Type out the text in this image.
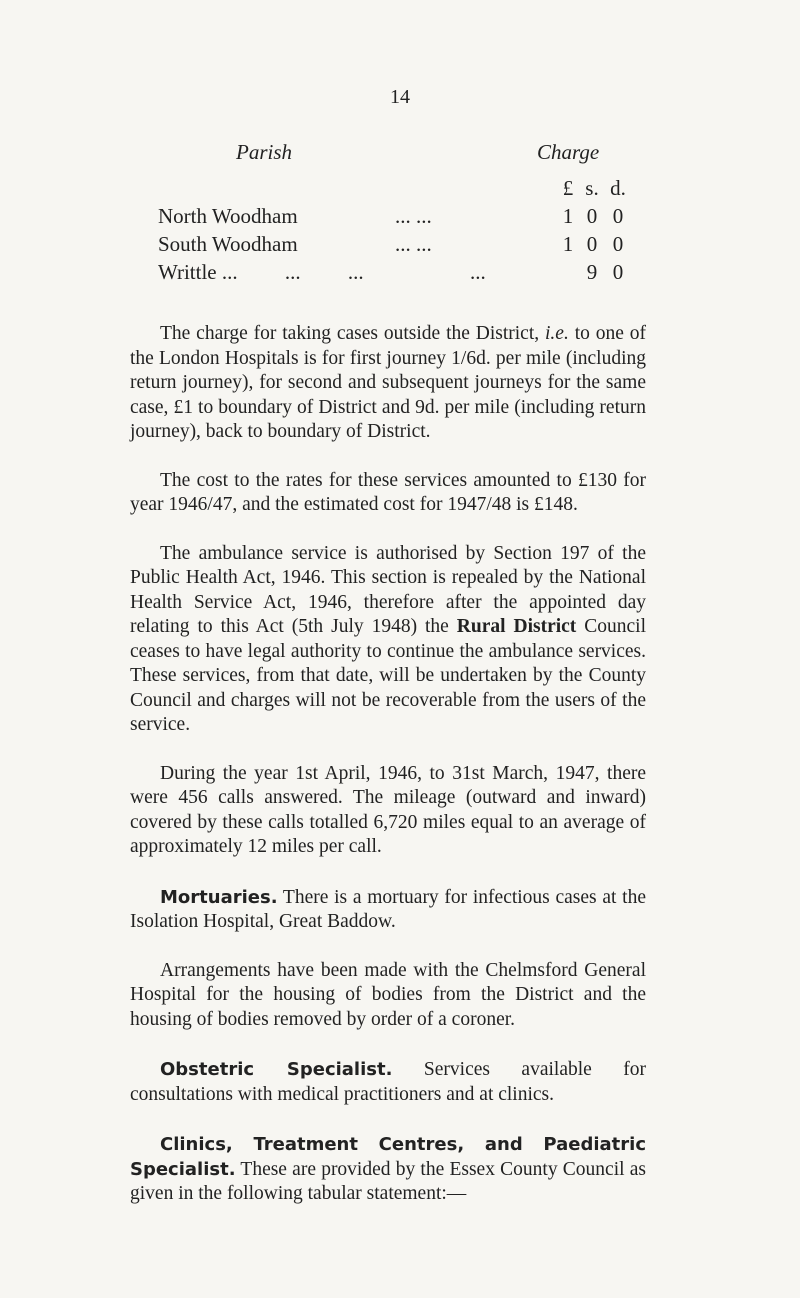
14
Parish	Charge
£ s. d.
North Woodham	... ...	1 0 0
South Woodham	... ...	1 0 0
Writtle ...         ...         ...	...	9 0

The charge for taking cases outside the District, i.e. to one of the London Hospitals is for first journey 1/6d. per mile (including return journey), for second and subsequent journeys for the same case, £1 to boundary of District and 9d. per mile (including return journey), back to boundary of District.

The cost to the rates for these services amounted to £130 for year 1946/47, and the estimated cost for 1947/48 is £148.

The ambulance service is authorised by Section 197 of the Public Health Act, 1946. This section is repealed by the National Health Service Act, 1946, therefore after the appointed day relating to this Act (5th July 1948) the Rural District Council ceases to have legal authority to continue the ambulance services. These services, from that date, will be undertaken by the County Council and charges will not be recoverable from the users of the service.

During the year 1st April, 1946, to 31st March, 1947, there were 456 calls answered. The mileage (outward and inward) covered by these calls totalled 6,720 miles equal to an average of approximately 12 miles per call.

Mortuaries. There is a mortuary for infectious cases at the Isolation Hospital, Great Baddow.

Arrangements have been made with the Chelmsford General Hospital for the housing of bodies from the District and the housing of bodies removed by order of a coroner.

Obstetric Specialist. Services available for consultations with medical practitioners and at clinics.

Clinics, Treatment Centres, and Paediatric Specialist. These are provided by the Essex County Council as given in the following tabular statement:—
